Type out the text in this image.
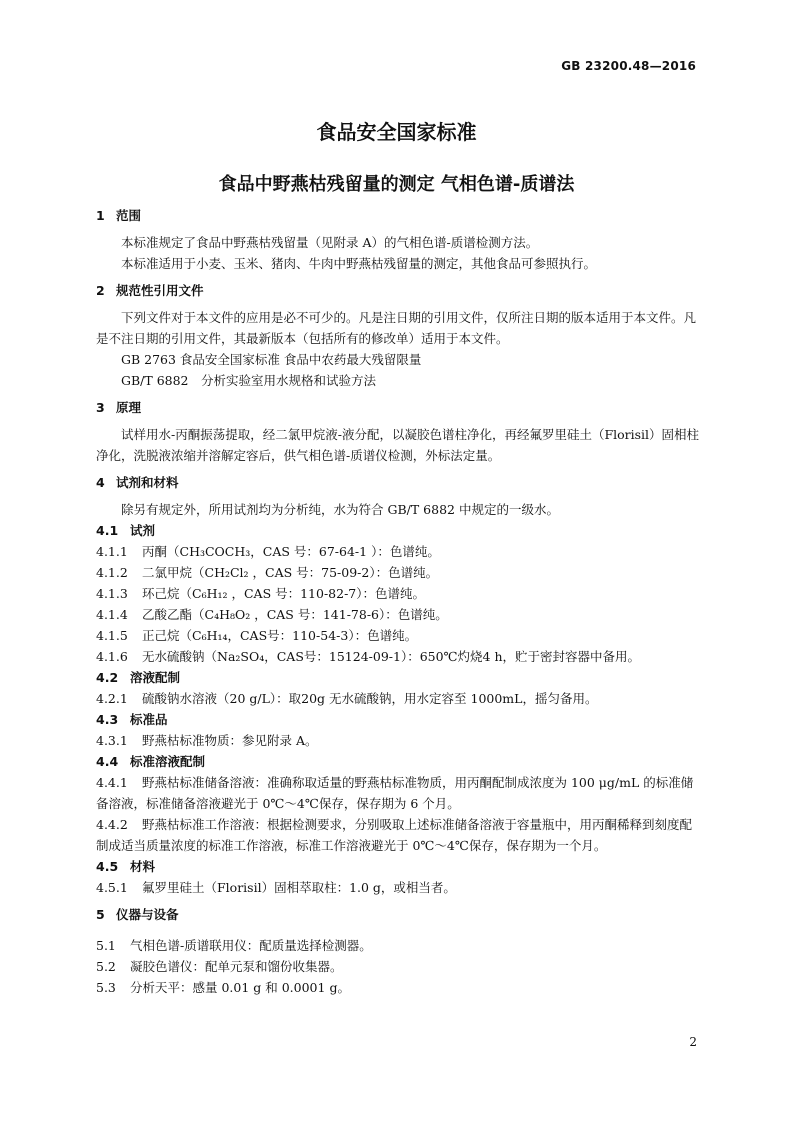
GB 23200.48—2016
食品安全国家标准
食品中野燕枯残留量的测定 气相色谱-质谱法
1 范围

本标准规定了食品中野燕枯残留量（见附录 A）的气相色谱-质谱检测方法。

本标准适用于小麦、玉米、猪肉、牛肉中野燕枯残留量的测定，其他食品可参照执行。

2 规范性引用文件

下列文件对于本文件的应用是必不可少的。凡是注日期的引用文件，仅所注日期的版本适用于本文件。凡是不注日期的引用文件，其最新版本（包括所有的修改单）适用于本文件。

GB 2763 食品安全国家标准 食品中农药最大残留限量

GB/T 6882　分析实验室用水规格和试验方法

3 原理

试样用水-丙酮振荡提取，经二氯甲烷液-液分配，以凝胶色谱柱净化，再经氟罗里硅土（Florisil）固相柱净化，洗脱液浓缩并溶解定容后，供气相色谱-质谱仪检测，外标法定量。

4 试剂和材料

除另有规定外，所用试剂均为分析纯，水为符合 GB/T 6882 中规定的一级水。

4.1 试剂

4.1.1 丙酮（CH₃COCH₃，CAS 号：67-64-1 ）：色谱纯。

4.1.2 二氯甲烷（CH₂Cl₂ ，CAS 号：75-09-2）：色谱纯。

4.1.3 环己烷（C₆H₁₂ ，CAS 号：110-82-7）：色谱纯。

4.1.4 乙酸乙酯（C₄H₈O₂ ，CAS 号：141-78-6）：色谱纯。

4.1.5 正己烷（C₆H₁₄，CAS号：110-54-3）：色谱纯。

4.1.6 无水硫酸钠（Na₂SO₄，CAS号：15124-09-1）：650℃灼烧4 h，贮于密封容器中备用。

4.2 溶液配制

4.2.1 硫酸钠水溶液（20 g/L）：取20g 无水硫酸钠，用水定容至 1000mL，摇匀备用。

4.3 标准品

4.3.1 野燕枯标准物质：参见附录 A。

4.4 标准溶液配制

4.4.1 野燕枯标准储备溶液：准确称取适量的野燕枯标准物质，用丙酮配制成浓度为 100 μg/mL 的标准储备溶液，标准储备溶液避光于 0℃～4℃保存，保存期为 6 个月。

4.4.2 野燕枯标准工作溶液：根据检测要求，分别吸取上述标准储备溶液于容量瓶中，用丙酮稀释到刻度配制成适当质量浓度的标准工作溶液，标准工作溶液避光于 0℃～4℃保存，保存期为一个月。

4.5 材料

4.5.1 氟罗里硅土（Florisil）固相萃取柱：1.0 g，或相当者。

5 仪器与设备

5.1 气相色谱-质谱联用仪：配质量选择检测器。

5.2 凝胶色谱仪：配单元泵和馏份收集器。

5.3 分析天平：感量 0.01 g 和 0.0001 g。

2
